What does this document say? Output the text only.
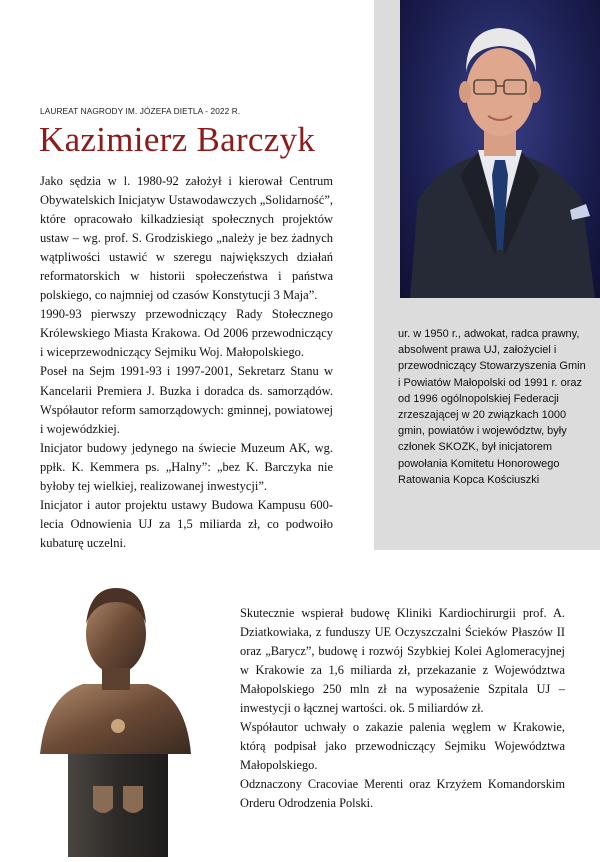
LAUREAT NAGRODY IM. JÓZEFA DIETLA - 2022 R.
Kazimierz Barczyk

Jako sędzia w l. 1980-92 założył i kierował Centrum Obywatelskich Inicjatyw Ustawodawczych „Solidarność”, które opracowało kilkadziesiąt społecznych projektów ustaw – wg. prof. S. Grodziskiego „należy je bez żadnych wątpliwości ustawić w szeregu największych działań reformatorskich w historii społeczeństwa i państwa polskiego, co najmniej od czasów Konstytucji 3 Maja”.

1990-93 pierwszy przewodniczący Rady Stołecznego Królewskiego Miasta Krakowa. Od 2006 przewodniczący i wiceprzewodniczący Sejmiku Woj. Małopolskiego.

Poseł na Sejm 1991-93 i 1997-2001, Sekretarz Stanu w Kancelarii Premiera J. Buzka i doradca ds. samorządów. Współautor reform samorządowych: gminnej, powiatowej i wojewódzkiej.

Inicjator budowy jedynego na świecie Muzeum AK, wg. ppłk. K. Kemmera ps. „Halny”: „bez K. Barczyka nie byłoby tej wielkiej, realizowanej inwestycji”.

Inicjator i autor projektu ustawy Budowa Kampusu 600-lecia Odnowienia UJ za 1,5 miliarda zł, co podwoiło kubaturę uczelni.

ur. w 1950 r., adwokat, radca prawny, absolwent prawa UJ, założyciel i przewodniczący Stowarzyszenia Gmin i Powiatów Małopolski od 1991 r. oraz od 1996 ogólnopolskiej Federacji zrzeszającej w 20 związkach 1000 gmin, powiatów i województw, były członek SKOZK, był inicjatorem powołania Komitetu Honorowego Ratowania Kopca Kościuszki

Skutecznie wspierał budowę Kliniki Kardiochirurgii prof. A. Dziatkowiaka, z funduszy UE Oczyszczalni Ścieków Płaszów II oraz „Barycz”, budowę i rozwój Szybkiej Kolei Aglomeracyjnej w Krakowie za 1,6 miliarda zł, przekazanie z Województwa Małopolskiego 250 mln zł na wyposażenie Szpitala UJ – inwestycji o łącznej wartości. ok. 5 miliardów zł.

Współautor uchwały o zakazie palenia węglem w Krakowie, którą podpisał jako przewodniczący Sejmiku Województwa Małopolskiego.

Odznaczony Cracoviae Merenti oraz Krzyżem Komandorskim Orderu Odrodzenia Polski.
